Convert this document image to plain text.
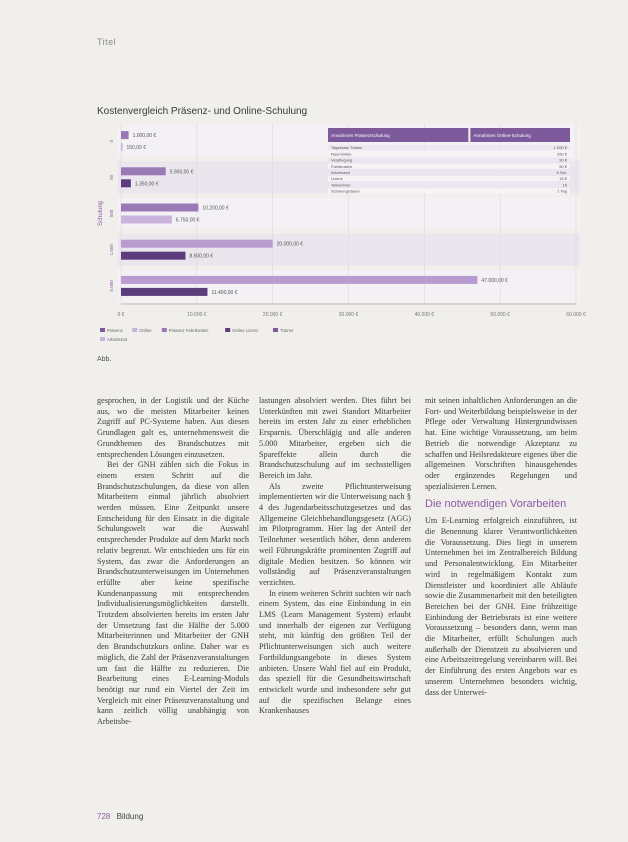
Titel
Kostenvergleich Präsenz- und Online-Schulung
0 €	10.000 €	20.000 €	30.000 €	40.000 €	50.000 €	60.000 €
Schulung
5
50
500
1.000
5.000
1.000,00 €
150,00 €
5.900,00 €
1.350,00 €
10.200,00 €
6.750,00 €
20.000,00 €
8.500,00 €
47.000,00 €
11.400,00 €
Annahmen Präsenzschulung	Annahmen Online-Schulung
Tagessatz Trainer	1.000 €
Raummiete	250 €
Verpflegung	30 €
Fahrtkosten	50 €
Arbeitszeit	8 Std.
Lizenz	15 €
Teilnehmer	15
Schulungsdauer	1 Tag
Präsenz	Online	Präsenz Fahrtkosten	Online Lizenz	Trainer
Arbeitszeit
Abb.

gesprochen, in der Logistik und der Küche aus, wo die meisten Mitarbeiter keinen Zugriff auf PC-Systeme haben. Aus diesen Grundlagen galt es, unternehmensweit die Grundthemen des Brandschutzes mit entsprechenden Lösungen einzusetzen.

Bei der GNH zählen sich die Fokus in einem ersten Schritt auf die Brandschutzschulungen, da diese von allen Mitarbeitern einmal jährlich absolviert werden müssen. Eine Zeitpunkt unsere Entscheidung für den Einsatz in die digitale Schulungswelt war die Auswahl entsprechender Produkte auf dem Markt noch relativ begrenzt. Wir entschieden uns für ein System, das zwar die Anforderungen an Brandschutzunterweisungen im Unternehmen erfüllte aber keine spezifische Kundenanpassung mit entsprechenden Individualisierungsmöglichkeiten darstellt. Trotzdem absolvierten bereits im ersten Jahr der Umsetzung fast die Hälfte der 5.000 Mitarbeiterinnen und Mitarbeiter der GNH den Brandschutzkurs online. Daher war es möglich, die Zahl der Präsenzveranstaltungen um fast die Hälfte zu reduzieren. Die Bearbeitung eines E-Learning-Moduls benötigt nur rund ein Viertel der Zeit im Vergleich mit einer Präsenzveranstaltung und kann zeitlich völlig unabhängig von Arbeitsbe-

lastungen absolviert werden. Dies führt bei Unterkünften mit zwei Standort Mitarbeiter bereits im ersten Jahr zu einer erheblichen Ersparnis. Überschlägig und alle anderen 5.000 Mitarbeiter, ergeben sich die Spareffekte allein durch die Brandschutzschulung auf im sechsstelligen Bereich im Jahr.

Als zweite Pflichtunterweisung implementierten wir die Unterweisung nach § 4 des Jugendarbeitsschutzgesetzes und das Allgemeine Gleichbehandlungsgesetz (AGG) im Pilotprogramm. Hier lag der Anteil der Teilnehmer wesentlich höher, denn anderem weil Führungskräfte prominenten Zugriff auf digitale Medien besitzen. So können wir vollständig auf Präsenzveranstaltungen verzichten.

In einem weiteren Schritt suchten wir nach einem System, das eine Einbindung in ein LMS (Learn Management System) erlaubt und innerhalb der eigenen zur Verfügung steht, mit künftig den größten Teil der Pflichtunterweisungen sich auch weitere Fortbildungsangebote in dieses System anbieten. Unsere Wahl fiel auf ein Produkt, das speziell für die Gesundheitswirtschaft entwickelt wurde und insbesondere sehr gut auf die spezifischen Belange eines Krankenhauses

mit seinen inhaltlichen Anforderungen an die Fort- und Weiterbildung beispielsweise in der Pflege oder Verwaltung Hintergrundwissen hat. Eine wichtige Voraussetzung, um beim Betrieb die notwendige Akzeptanz zu schaffen und Heilsredakteure eigenes über die allgemeinen Vorschriften hinausgehendes oder ergänzendes Regelungen und spezialisieren Lernen.

Die notwendigen Vorarbeiten

Um E-Learning erfolgreich einzuführen, ist die Benennung klarer Verantwortlichkeiten die Voraussetzung. Dies liegt in unserem Unternehmen bei im Zentralbereich Bildung und Personalentwicklung. Ein Mitarbeiter wird in regelmäßigem Kontakt zum Dienstleister und koordiniert alle Abläufe sowie die Zusammenarbeit mit den beteiligten Bereichen bei der GNH. Eine frühzeitige Einbindung der Betriebsrats ist eine weitere Voraussetzung – besonders dann, wenn man die Mitarbeiter, erfüllt Schulungen auch außerhalb der Dienstzeit zu absolvieren und eine Arbeitszeitregelung vereinbaren will. Bei der Einführung des ersten Angebots war es unserem Unternehmen besonders wichtig, dass der Unterwei-

728 Bildung
